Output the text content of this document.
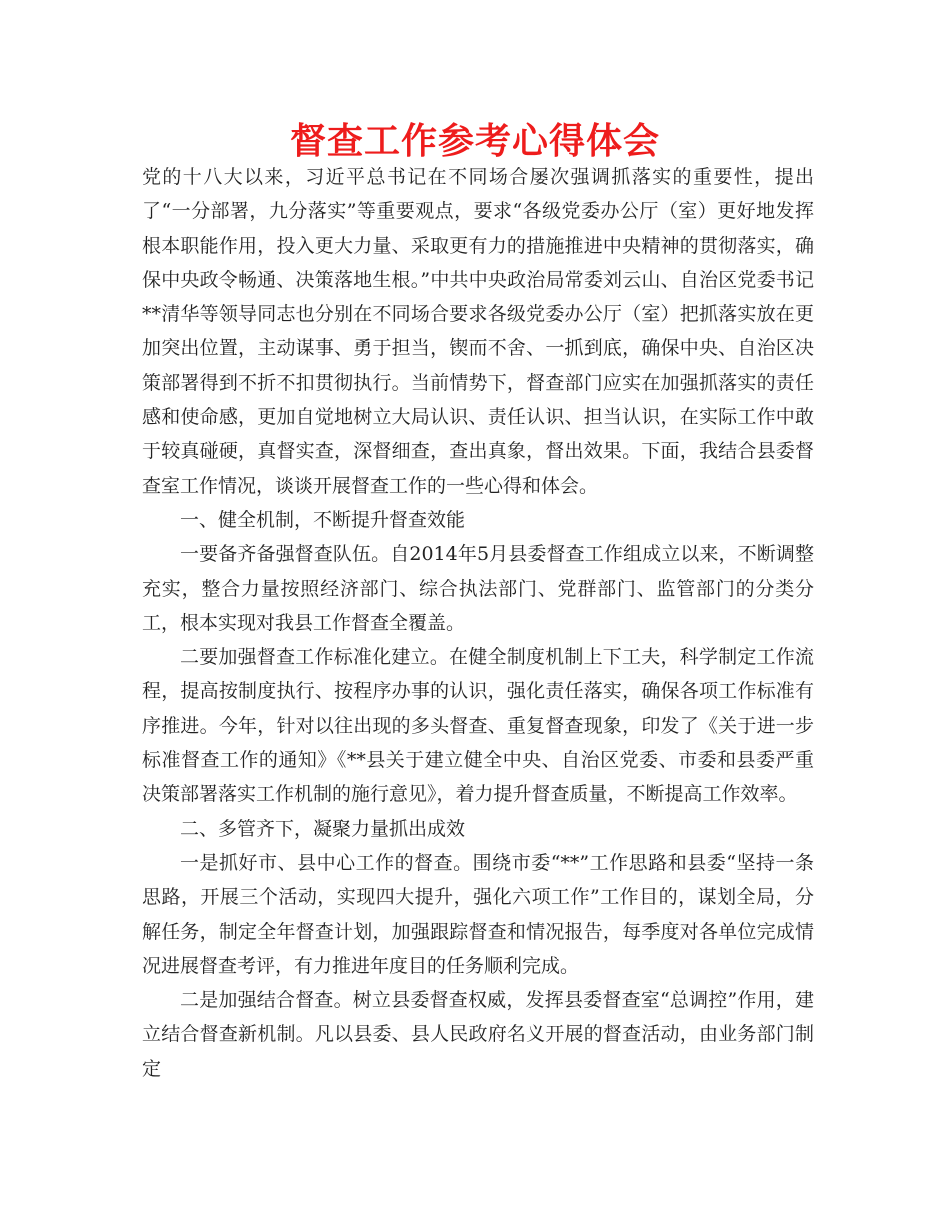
督查工作参考心得体会

党的十八大以来，习近平总书记在不同场合屡次强调抓落实的重要性，提出了“一分部署，九分落实”等重要观点，要求“各级党委办公厅（室）更好地发挥根本职能作用，投入更大力量、采取更有力的措施推进中央精神的贯彻落实，确保中央政令畅通、决策落地生根。”中共中央政治局常委刘云山、自治区党委书记**清华等领导同志也分别在不同场合要求各级党委办公厅（室）把抓落实放在更加突出位置，主动谋事、勇于担当，锲而不舍、一抓到底，确保中央、自治区决策部署得到不折不扣贯彻执行。当前情势下，督查部门应实在加强抓落实的责任感和使命感，更加自觉地树立大局认识、责任认识、担当认识，在实际工作中敢于较真碰硬，真督实查，深督细查，查出真象，督出效果。下面，我结合县委督查室工作情况，谈谈开展督查工作的一些心得和体会。

一、健全机制，不断提升督查效能

一要备齐备强督查队伍。自2014年5月县委督查工作组成立以来，不断调整充实，整合力量按照经济部门、综合执法部门、党群部门、监管部门的分类分工，根本实现对我县工作督查全覆盖。

二要加强督查工作标准化建立。在健全制度机制上下工夫，科学制定工作流程，提高按制度执行、按程序办事的认识，强化责任落实，确保各项工作标准有序推进。今年，针对以往出现的多头督查、重复督查现象，印发了《关于进一步标准督查工作的通知》《**县关于建立健全中央、自治区党委、市委和县委严重决策部署落实工作机制的施行意见》，着力提升督查质量，不断提高工作效率。

二、多管齐下，凝聚力量抓出成效

一是抓好市、县中心工作的督查。围绕市委“**”工作思路和县委“坚持一条思路，开展三个活动，实现四大提升，强化六项工作”工作目的，谋划全局，分解任务，制定全年督查计划，加强跟踪督查和情况报告，每季度对各单位完成情况进展督查考评，有力推进年度目的任务顺利完成。

二是加强结合督查。树立县委督查权威，发挥县委督查室“总调控”作用，建立结合督查新机制。凡以县委、县人民政府名义开展的督查活动，由业务部门制定
